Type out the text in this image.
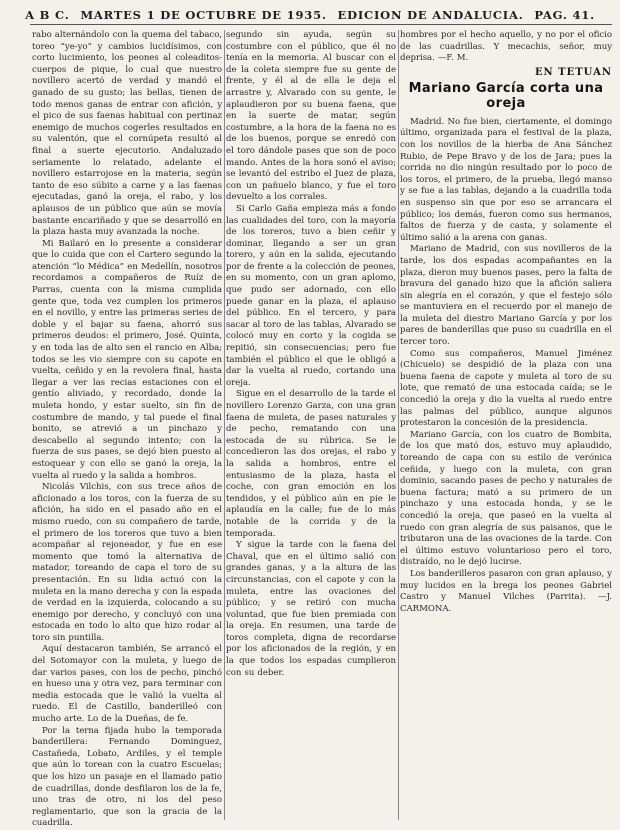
A B C. MARTES 1 DE OCTUBRE DE 1935. EDICION DE ANDALUCIA. PAG. 41.

rabo alternándolo con la quema del tabaco, toreo “ye-yo” y cambios lucidísimos, con corto lucimiento, los peones al coleaditos-cuerpos de pique, lo cual que nuestro novillero acertó de verdad y mandó el ganado de su gusto; las bellas, tienen de todo menos ganas de entrar con afición, y el pico de sus faenas habitual con pertinaz enemigo de muchos cogerles resultados en su valentón, que el cornúpeta resultó al final a suerte ejecutorio. Andaluzado seriamente lo relatado, adelante el novillero estarrojose en la materia, según tanto de eso súbito a carne y a las faenas ejecutadas, ganó la oreja, el rabo, y los aplausos de un público que aún se movía bastante encariñado y que se desarrolló en la plaza hasta muy avanzada la noche.

Mi Bailaró en lo presente a considerar que lo cuida que con el Cartero segundo la atención “lo Médica” en Medellín, nosotros recordamos a compañeros de Ruíz de Parras, cuenta con la misma cumplida gente que, toda vez cumplen los primeros en el novillo, y entre las primeras series de doble y el bajar su faena, ahorró sus primeros deudos: el primero, José. Quinta, y en toda las de alto sen el rancio en Alba; todos se les vio siempre con su capote en vuelta, ceñido y en la revolera final, hasta llegar a ver las recias estaciones con el gentío aliviado, y recordado, donde la muleta hondo, y estar suelto, sin fin de costumbre de mando, y tal puede el final bonito, se atrevió a un pinchazo y descabello al segundo intento; con la fuerza de sus pases, se dejó bien puesto al estoquear y con ello se ganó la oreja, la vuelta al ruedo y la salida a hombros.

Nicolás Vilchis, con sus trece años de aficionado a los toros, con la fuerza de su afición, ha sido en el pasado año en el mismo ruedo, con su compañero de tarde, el primero de los toreros que tuvo a bien acompañar al rejoneador, y fue en ese momento que tomó la alternativa de matador, toreando de capa el toro de su presentación. En su lidia actuó con la muleta en la mano derecha y con la espada de verdad en la izquierda, colocando a su enemigo por derecho, y concluyó con una estocada en todo lo alto que hizo rodar al toro sin puntilla.

Aquí destacaron también, Se arrancó el del Sotomayor con la muleta, y luego de dar varios pases, con los de pecho, pinchó en hueso una y otra vez, para terminar con media estocada que le valió la vuelta al ruedo. El de Castillo, banderilleó con mucho arte. Lo de la Dueñas, de fe.

Por la terna fijada hubo la temporada banderillera: Fernando Dominguez, Castañeda, Lobato, Ardiles, y el temple que aún lo torean con la cuatro Escuelas; que los hizo un pasaje en el llamado patio de cuadrillas, donde desfilaron los de la fe, uno tras de otro, ni los del peso reglamentario, que son la gracia de la cuadrilla.

segundo sin ayuda, según su costumbre con el público, que él no tenía en la memoria. Al buscar con el de la coleta siempre fue su gente de frente, y él al de ella le deja el arrastre y, Alvarado con su gente, le aplaudieron por su buena faena, que en la suerte de matar, según costumbre, a la hora de la faena no es de los buenos, porque se enredó con el toro dándole pases que son de poco mando. Antes de la hora sonó el aviso; se levantó del estribo el Juez de plaza, con un pañuelo blanco, y fue el toro devuelto a los corrales.

Si Carlo Gaña empieza más a fondo las cualidades del toro, con la mayoría de los toreros, tuvo a bien ceñir y dominar, llegando a ser un gran torero, y aún en la salida, ejecutando por de frente a la colección de peones, en su momento, con un gran aplomo, que pudo ser adornado, con ello puede ganar en la plaza, el aplauso del público. En el tercero, y para sacar al toro de las tablas, Alvarado se colocó muy en corto y la cogida se repitió, sin consecuencias; pero fue también el público el que le obligó a dar la vuelta al ruedo, cortando una oreja.

Sigue en el desarrollo de la tarde el novillero Lorenzo Garza, con una gran faena de muleta, de pases naturales y de pecho, rematando con una estocada de su rúbrica. Se le concedieron las dos orejas, el rabo y la salida a hombros, entre el entusiasmo de la plaza, hasta el coche, con gran emoción en los tendidos, y el público aún en pie le aplaudía en la calle; fue de lo más notable de la corrida y de la temporada.

Y sigue la tarde con la faena del Chaval, que en el último salió con grandes ganas, y a la altura de las circunstancias, con el capote y con la muleta, entre las ovaciones del público; y se retiró con mucha voluntad, que fue bien premiada con la oreja. En resumen, una tarde de toros completa, digna de recordarse por los aficionados de la región, y en la que todos los espadas cumplieron con su deber.

hombres por el hecho aquello, y no por el oficio de las cuadrillas. Y mecachis, señor, muy deprisa. —F. M.

EN TETUAN
Mariano García corta una oreja

Madrid. No fue bien, ciertamente, el domingo último, organizada para el festival de la plaza, con los novillos de la hierba de Ana Sánchez Rubio, de Pepe Bravo y de los de Jara; pues la corrida no dio ningún resultado por lo poco de los toros, el primero, de la prueba, llegó manso y se fue a las tablas, dejando a la cuadrilla toda en suspenso sin que por eso se arrancara el público; los demás, fueron como sus hermanos, faltos de fuerza y de casta, y solamente el último salió a la arena con ganas.

Mariano de Madrid, con sus novilleros de la tarde, los dos espadas acompañantes en la plaza, dieron muy buenos pases, pero la falta de bravura del ganado hizo que la afición saliera sin alegría en el corazón, y que el festejo sólo se mantuviera en el recuerdo por el manejo de la muleta del diestro Mariano García y por los pares de banderillas que puso su cuadrilla en el tercer toro.

Como sus compañeros, Manuel Jiménez (Chicuelo) se despidió de la plaza con una buena faena de capote y muleta al toro de su lote, que remató de una estocada caída; se le concedió la oreja y dio la vuelta al ruedo entre las palmas del público, aunque algunos protestaron la concesión de la presidencia.

Mariano García, con los cuatro de Bombita, de los que mató dos, estuvo muy aplaudido, toreando de capa con su estilo de verónica ceñida, y luego con la muleta, con gran dominio, sacando pases de pecho y naturales de buena factura; mató a su primero de un pinchazo y una estocada honda, y se le concedió la oreja, que paseó en la vuelta al ruedo con gran alegría de sus paisanos, que le tributaron una de las ovaciones de la tarde. Con el último estuvo voluntarioso pero el toro, distraído, no le dejó lucirse.

Los banderilleros pasaron con gran aplauso, y muy lucidos en la brega los peones Gabriel Castro y Manuel Vilches (Parrita). —J. CARMONA.
